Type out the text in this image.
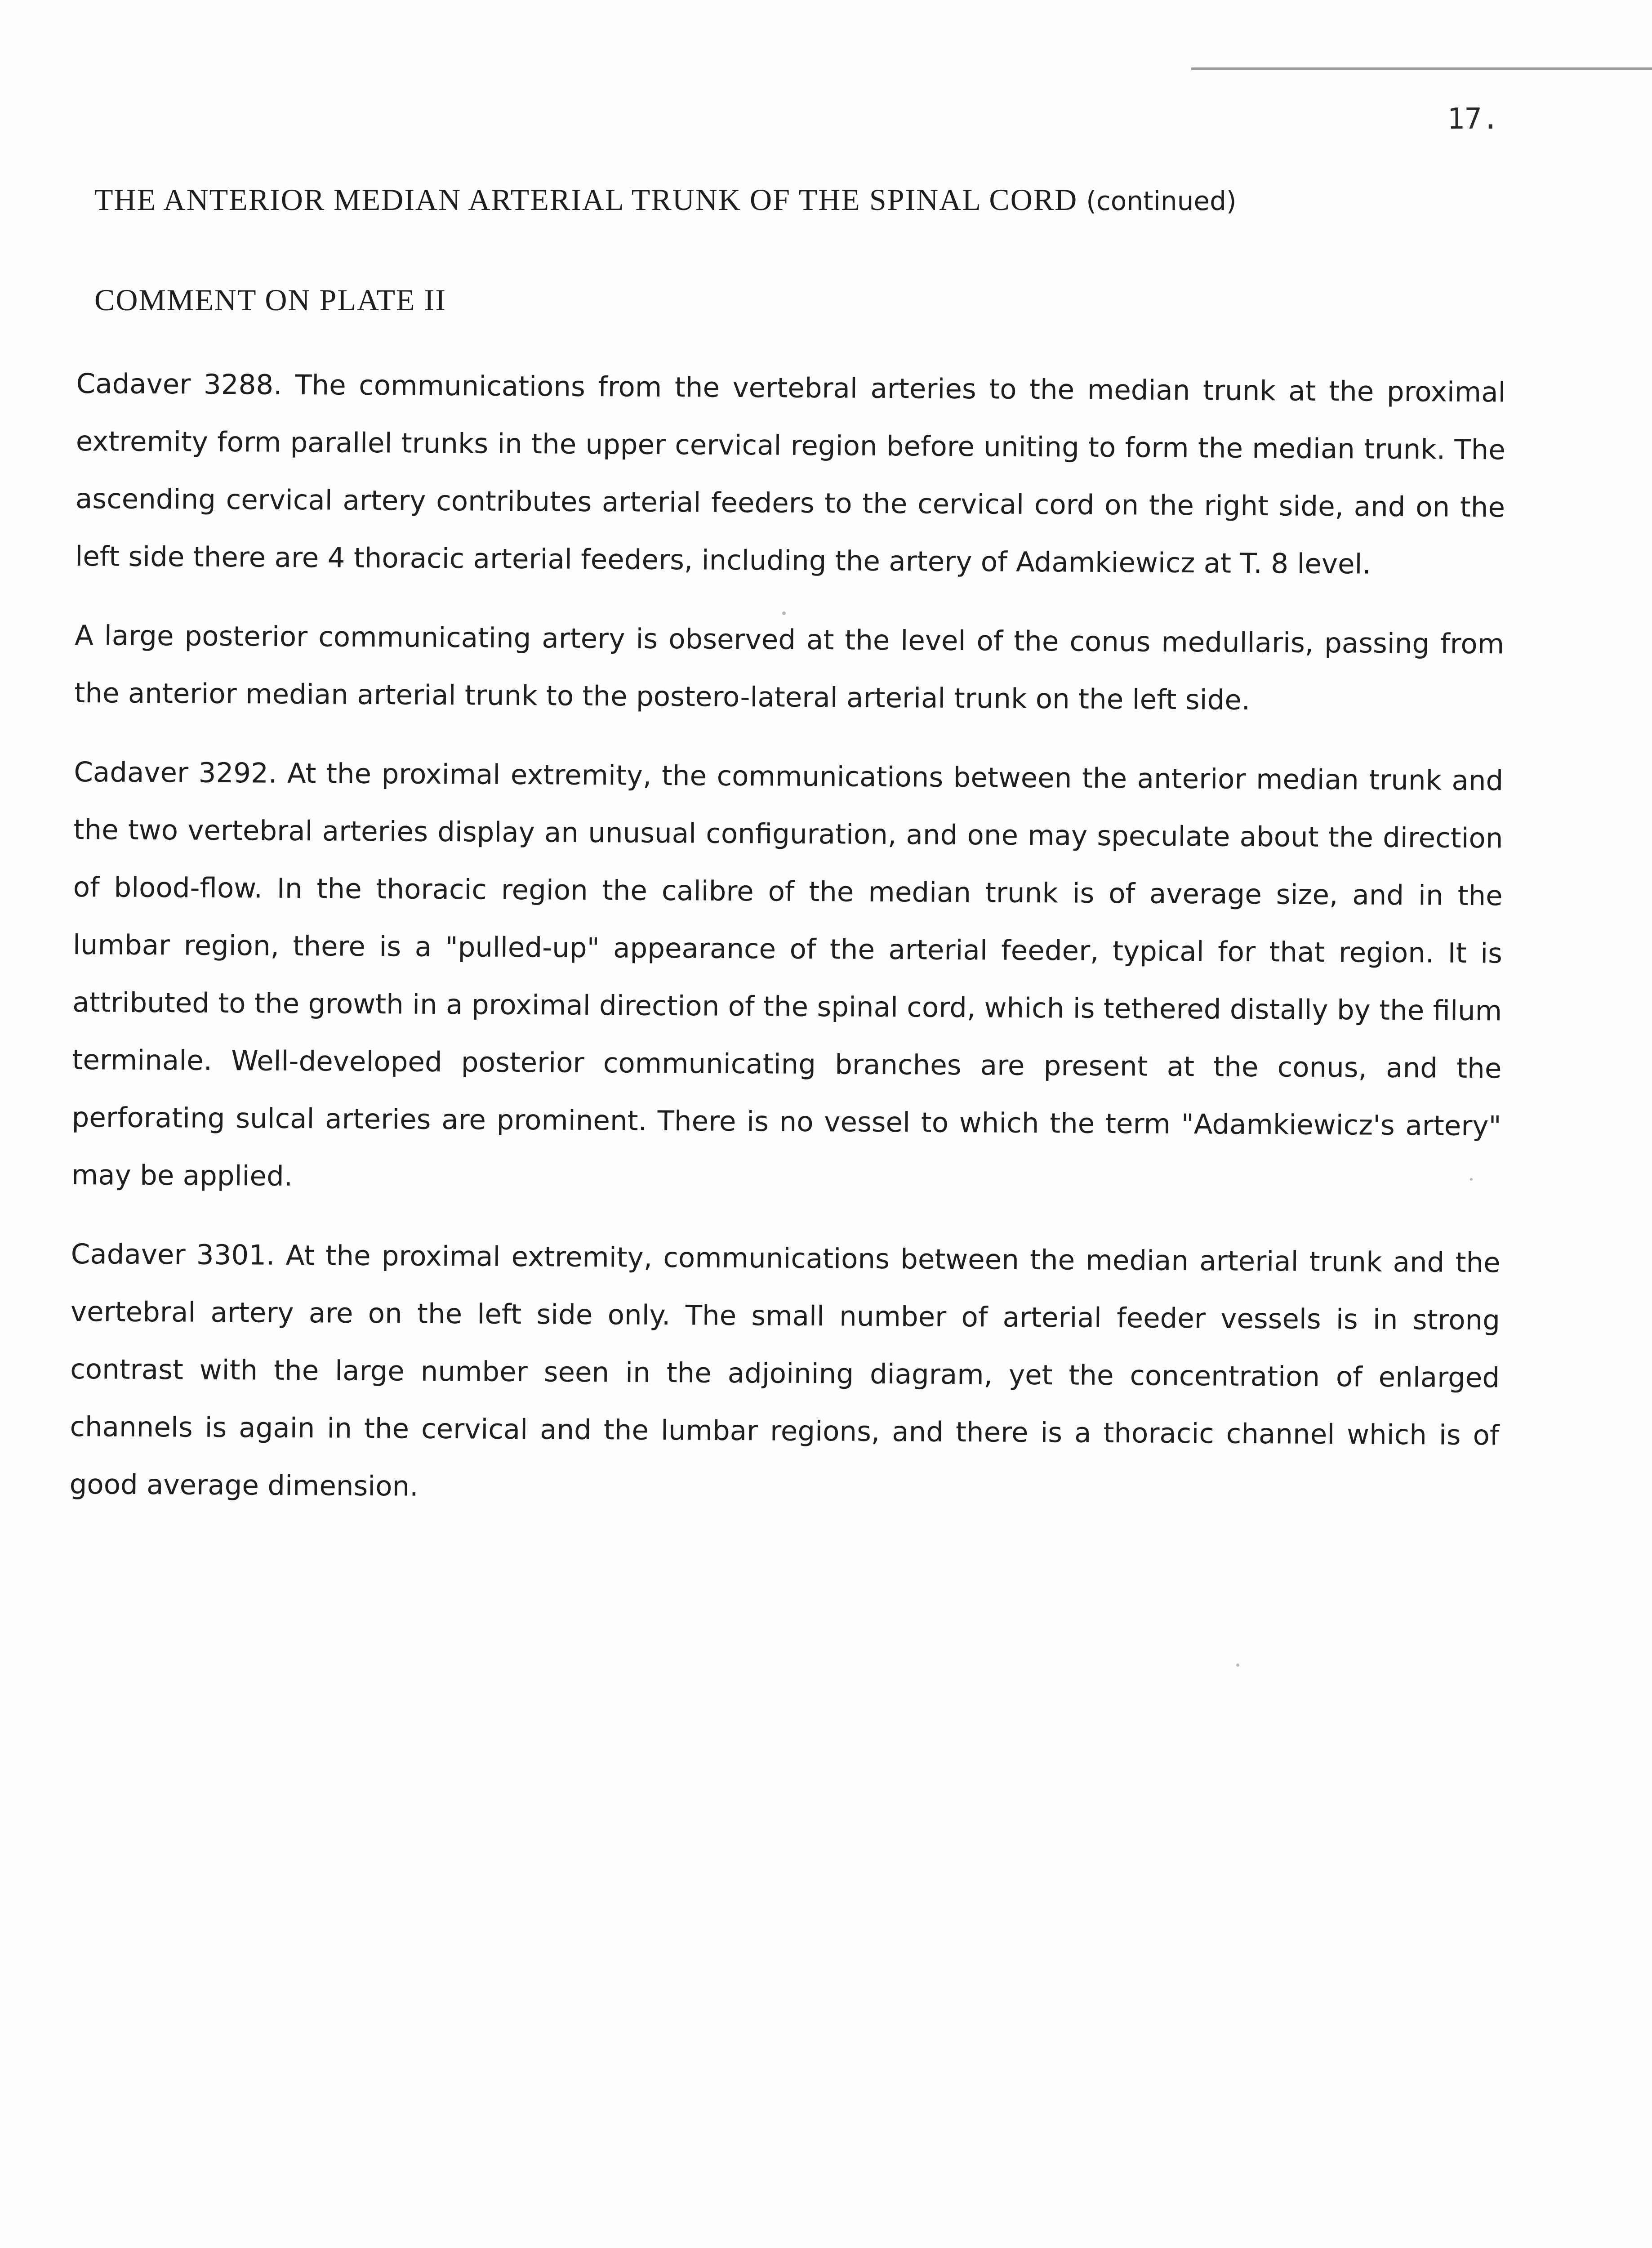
17.
THE ANTERIOR MEDIAN ARTERIAL TRUNK OF THE SPINAL CORD (continued)
COMMENT ON PLATE II

Cadaver 3288. The communications from the vertebral arteries to the median trunk at the proximal extremity form parallel trunks in the upper cervical region before uniting to form the median trunk. The ascending cervical artery contributes arterial feeders to the cervical cord on the right side, and on the left side there are 4 thoracic arterial feeders, including the artery of Adamkiewicz at T. 8 level.

A large posterior communicating artery is observed at the level of the conus medullaris, passing from the anterior median arterial trunk to the postero-lateral arterial trunk on the left side.

Cadaver 3292. At the proximal extremity, the communications between the anterior median trunk and the two vertebral arteries display an unusual configuration, and one may speculate about the direction of blood-flow. In the thoracic region the calibre of the median trunk is of average size, and in the lumbar region, there is a "pulled-up" appearance of the arterial feeder, typical for that region. It is attributed to the growth in a proximal direction of the spinal cord, which is tethered distally by the filum terminale. Well-developed posterior communicating branches are present at the conus, and the perforating sulcal arteries are prominent. There is no vessel to which the term "Adamkiewicz's artery" may be applied.

Cadaver 3301. At the proximal extremity, communications between the median arterial trunk and the vertebral artery are on the left side only. The small number of arterial feeder vessels is in strong contrast with the large number seen in the adjoining diagram, yet the concentration of enlarged channels is again in the cervical and the lumbar regions, and there is a thoracic channel which is of good average dimension.
